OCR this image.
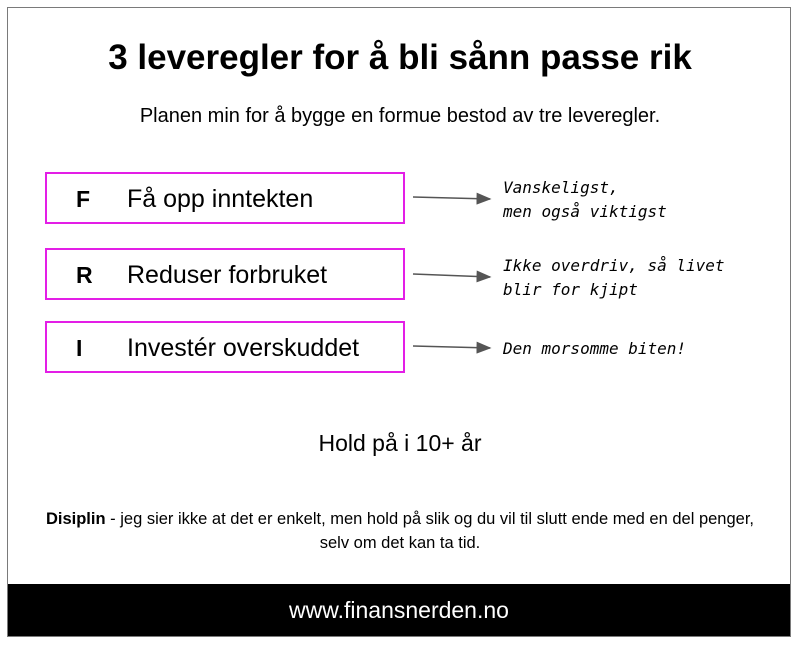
3 leveregler for å bli sånn passe rik
Planen min for å bygge en formue bestod av tre leveregler.
F Få opp inntekten
R Reduser forbruket
I Investér overskuddet
Vanskeligst,
men også viktigst
Ikke overdriv, så livet
blir for kjipt
Den morsomme biten!
Hold på i 10+ år
Disiplin - jeg sier ikke at det er enkelt, men hold på slik og du vil til slutt ende med en del penger, selv om det kan ta tid.
www.finansnerden.no
